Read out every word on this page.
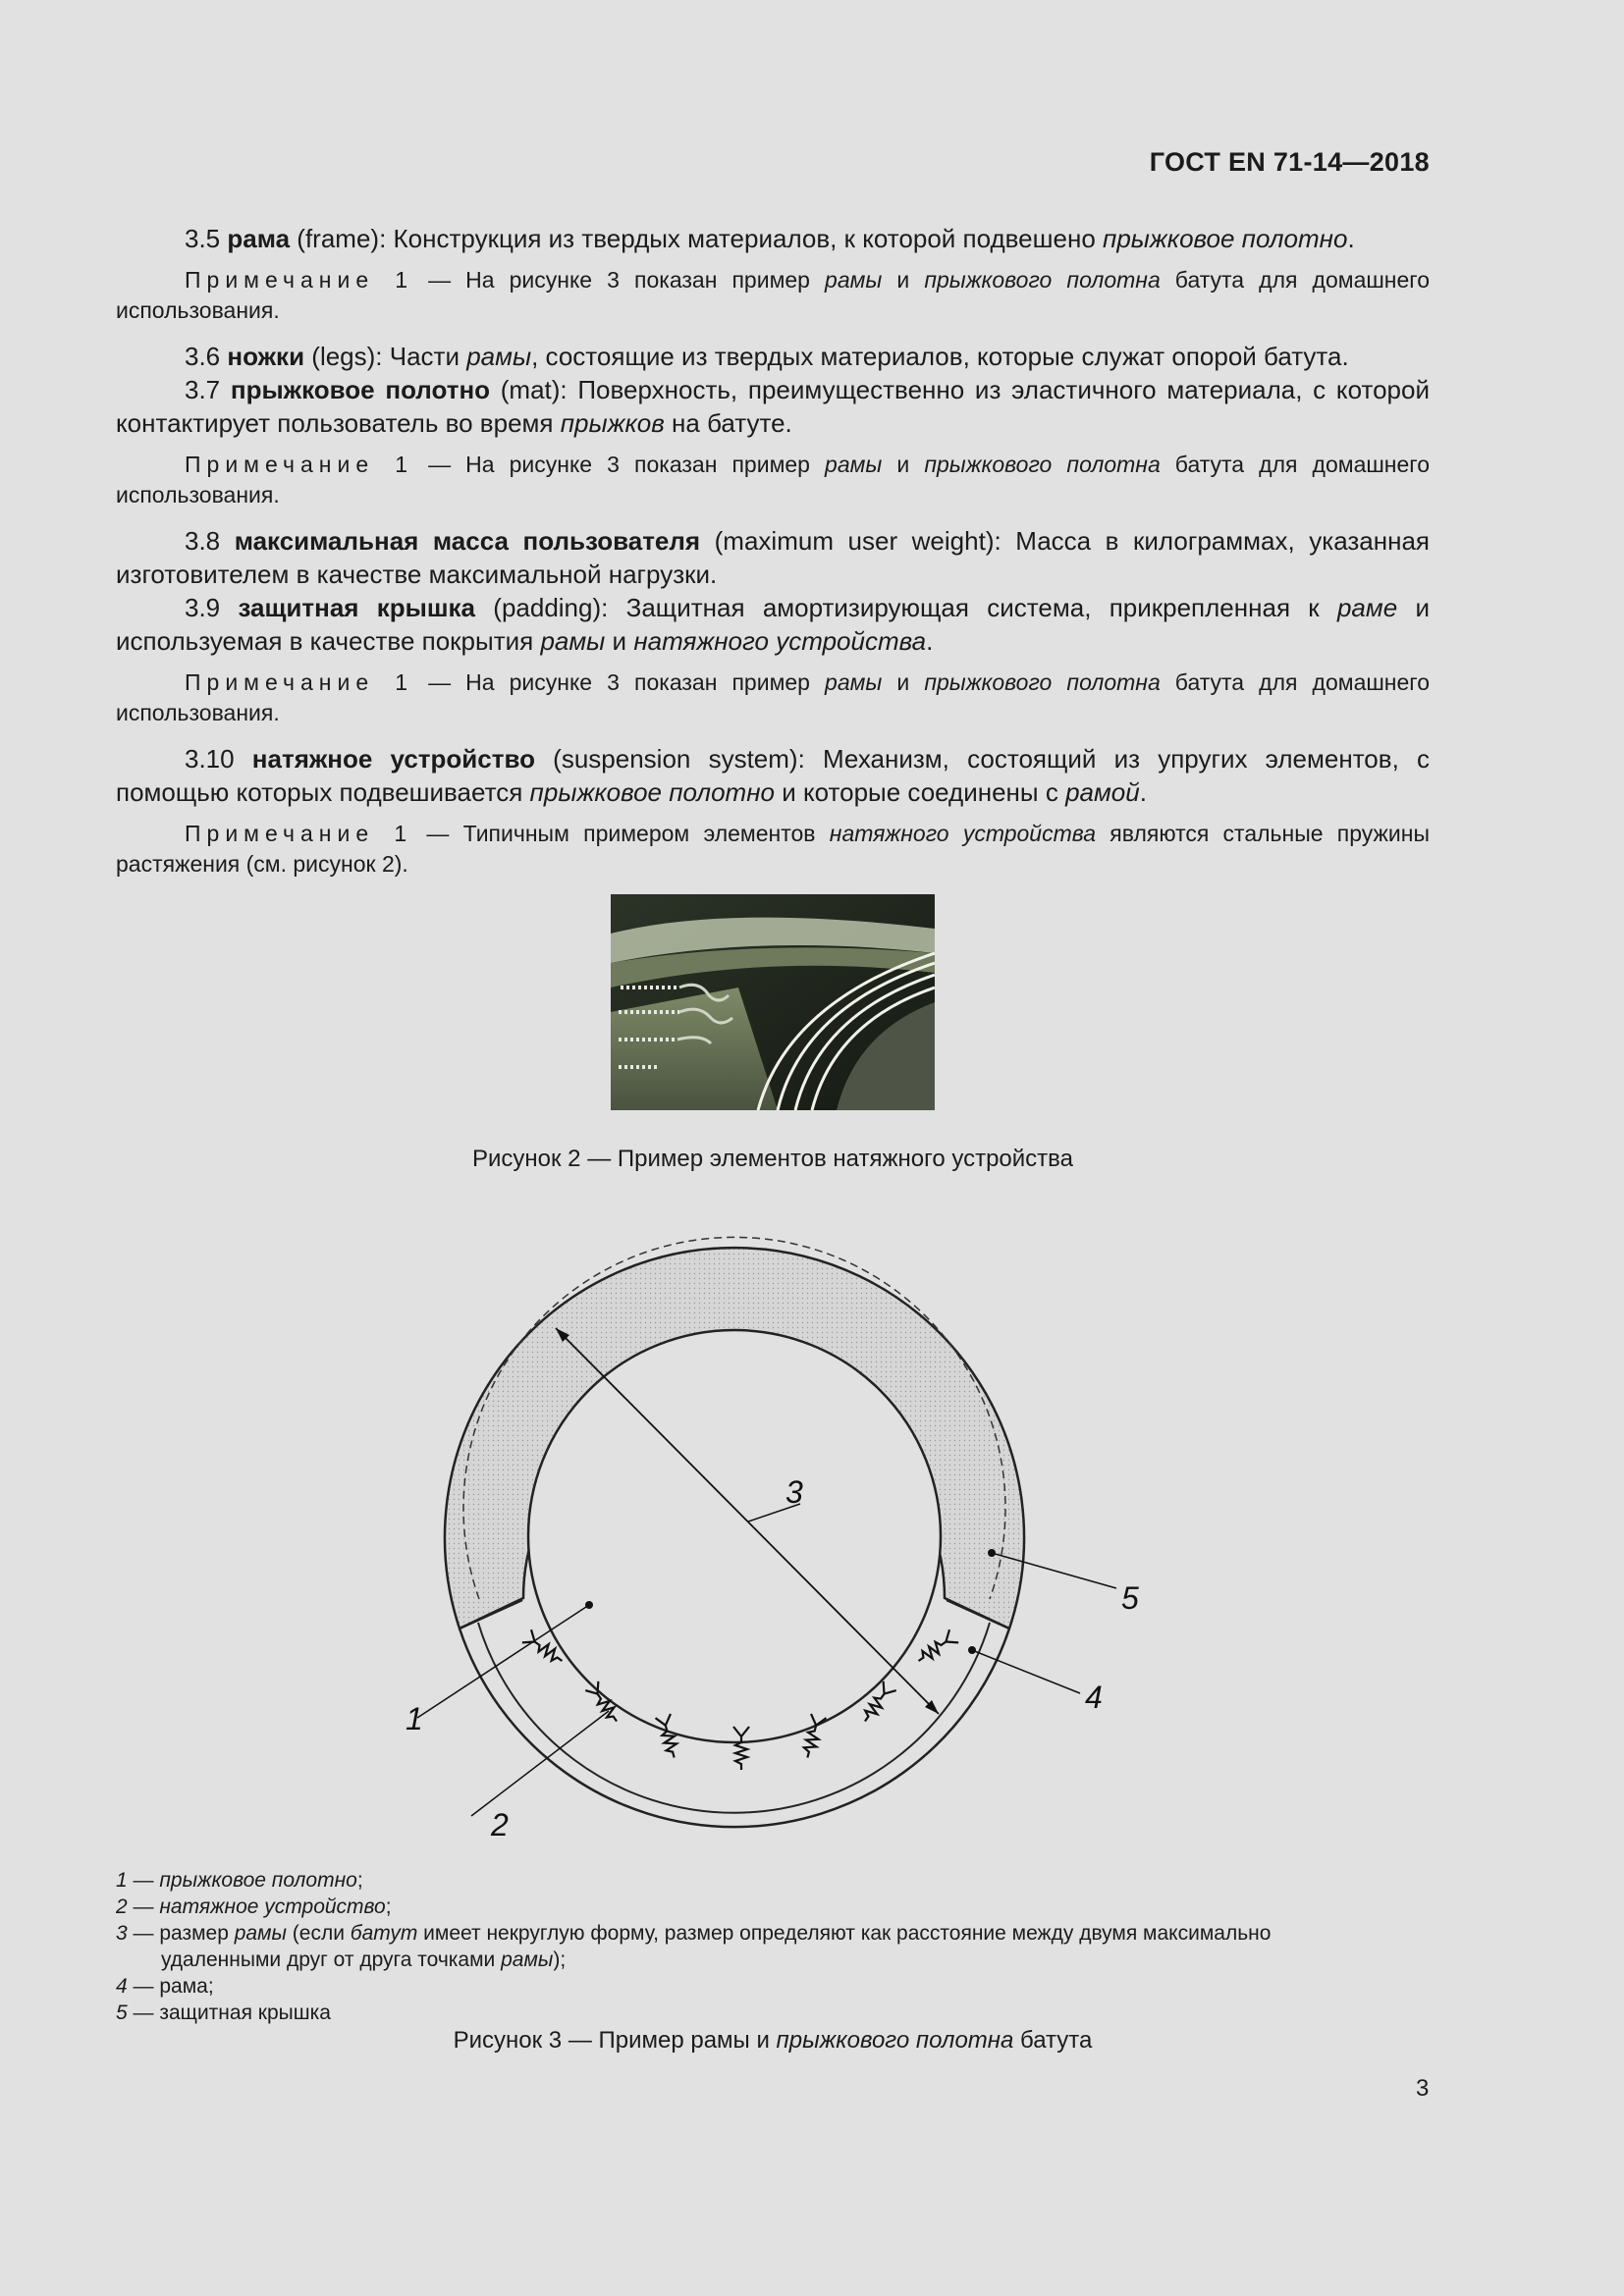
ГОСТ EN 71-14—2018

3.5 рама (frame): Конструкция из твердых материалов, к которой подвешено прыжковое полотно.

Примечание 1 — На рисунке 3 показан пример рамы и прыжкового полотна батута для домашнего использования.

3.6 ножки (legs): Части рамы, состоящие из твердых материалов, которые служат опорой батута.

3.7 прыжковое полотно (mat): Поверхность, преимущественно из эластичного материала, с которой контактирует пользователь во время прыжков на батуте.

Примечание 1 — На рисунке 3 показан пример рамы и прыжкового полотна батута для домашнего использования.

3.8 максимальная масса пользователя (maximum user weight): Масса в килограммах, указанная изготовителем в качестве максимальной нагрузки.

3.9 защитная крышка (padding): Защитная амортизирующая система, прикрепленная к раме и используемая в качестве покрытия рамы и натяжного устройства.

Примечание 1 — На рисунке 3 показан пример рамы и прыжкового полотна батута для домашнего использования.

3.10 натяжное устройство (suspension system): Механизм, состоящий из упругих элементов, с помощью которых подвешивается прыжковое полотно и которые соединены с рамой.

Примечание 1 — Типичным примером элементов натяжного устройства являются стальные пружины растяжения (см. рисунок 2).

Рисунок 2 — Пример элементов натяжного устройства
1
2
3
4
5
1 — прыжковое полотно;
2 — натяжное устройство;
3 — размер рамы (если батут имеет некруглую форму, размер определяют как расстояние между двумя максимально
удаленными друг от друга точками рамы);
4 — рама;
5 — защитная крышка
Рисунок 3 — Пример рамы и прыжкового полотна батута
3
